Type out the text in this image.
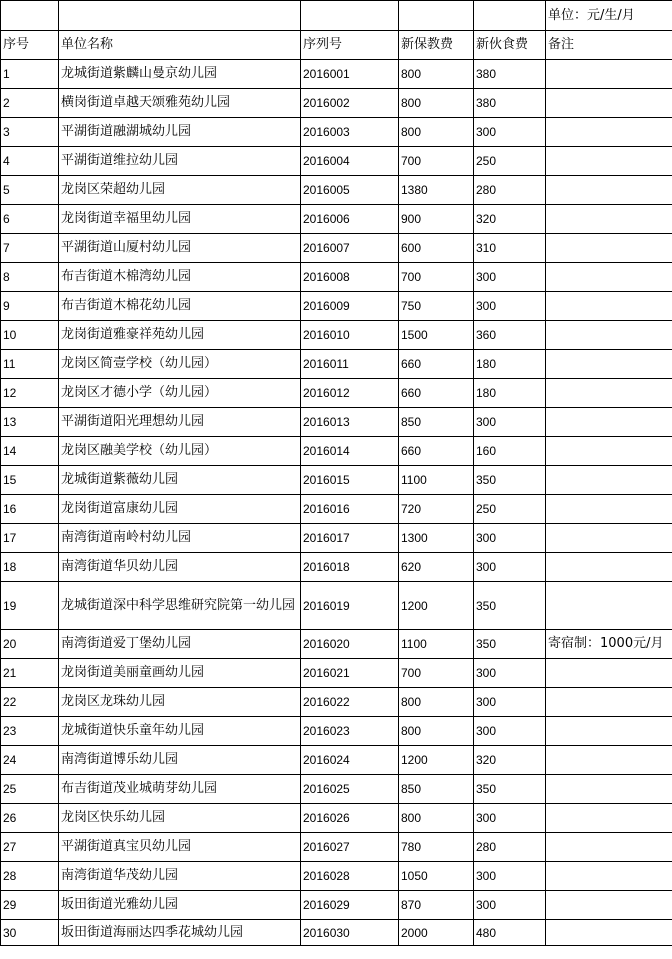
					单位：元/生/月
序号	单位名称	序列号	新保教费	新伙食费	备注
1	龙城街道紫麟山曼京幼儿园	2016001	800	380	
2	横岗街道卓越天颂雅苑幼儿园	2016002	800	380	
3	平湖街道融湖城幼儿园	2016003	800	300	
4	平湖街道维拉幼儿园	2016004	700	250	
5	龙岗区荣超幼儿园	2016005	1380	280	
6	龙岗街道幸福里幼儿园	2016006	900	320	
7	平湖街道山厦村幼儿园	2016007	600	310	
8	布吉街道木棉湾幼儿园	2016008	700	300	
9	布吉街道木棉花幼儿园	2016009	750	300	
10	龙岗街道雅豪祥苑幼儿园	2016010	1500	360	
11	龙岗区简壹学校（幼儿园）	2016011	660	180	
12	龙岗区才德小学（幼儿园）	2016012	660	180	
13	平湖街道阳光理想幼儿园	2016013	850	300	
14	龙岗区融美学校（幼儿园）	2016014	660	160	
15	龙城街道紫薇幼儿园	2016015	1100	350	
16	龙岗街道富康幼儿园	2016016	720	250	
17	南湾街道南岭村幼儿园	2016017	1300	300	
18	南湾街道华贝幼儿园	2016018	620	300	
19	龙城街道深中科学思维研究院第一幼儿园	2016019	1200	350	
20	南湾街道爱丁堡幼儿园	2016020	1100	350	寄宿制：1000元/月
21	龙岗街道美丽童画幼儿园	2016021	700	300	
22	龙岗区龙珠幼儿园	2016022	800	300	
23	龙城街道快乐童年幼儿园	2016023	800	300	
24	南湾街道博乐幼儿园	2016024	1200	320	
25	布吉街道茂业城萌芽幼儿园	2016025	850	350	
26	龙岗区快乐幼儿园	2016026	800	300	
27	平湖街道真宝贝幼儿园	2016027	780	280	
28	南湾街道华茂幼儿园	2016028	1050	300	
29	坂田街道光雅幼儿园	2016029	870	300	
30	坂田街道海丽达四季花城幼儿园	2016030	2000	480	
